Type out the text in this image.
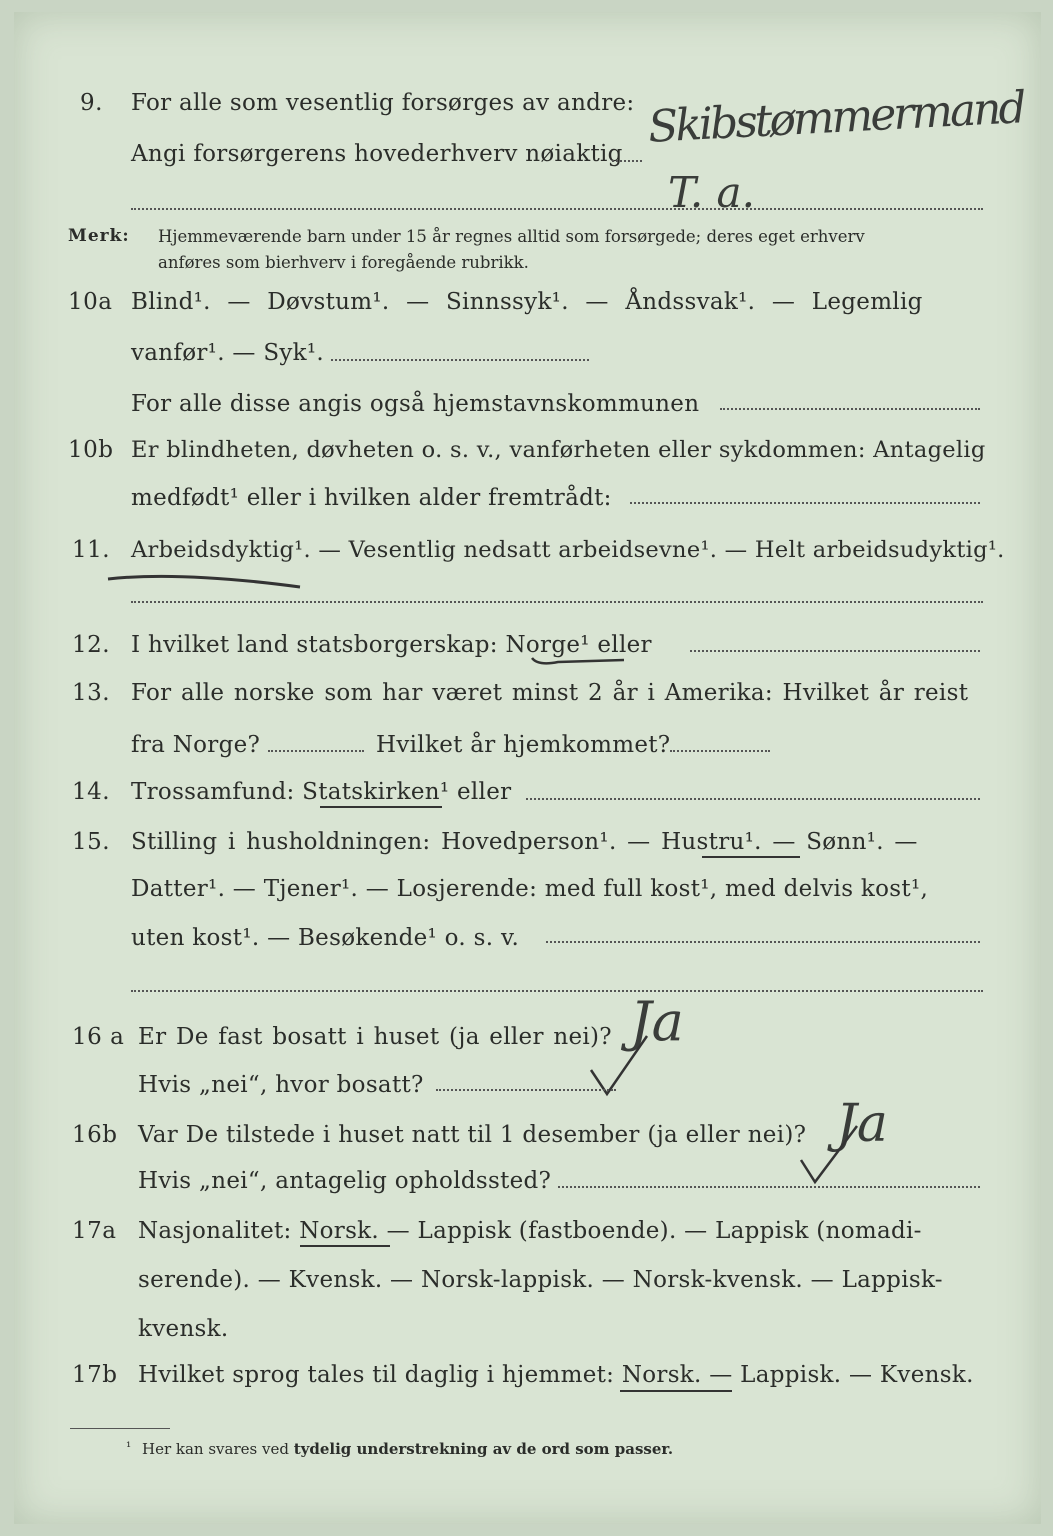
9. For alle som vesentlig forsørges av andre:
Angi forsørgerens hovederhverv nøiaktig
Skibstømmermand
T. a.
Merk: Hjemmeværende barn under 15 år regnes alltid som forsørgede; deres eget erhverv
anføres som bierhverv i foregående rubrikk.
10a Blind¹. — Døvstum¹. — Sinnssyk¹. — Åndssvak¹. — Legemlig
vanfør¹. — Syk¹.
For alle disse angis også hjemstavnskommunen
10b Er blindheten, døvheten o. s. v., vanførheten eller sykdommen: Antagelig
medfødt¹ eller i hvilken alder fremtrådt:
11. Arbeidsdyktig¹. — Vesentlig nedsatt arbeidsevne¹. — Helt arbeidsudyktig¹.
12. I hvilket land statsborgerskap: Norge¹ eller
13. For alle norske som har været minst 2 år i Amerika: Hvilket år reist
fra Norge?	Hvilket år hjemkommet?
14. Trossamfund: Statskirken¹ eller
15. Stilling i husholdningen: Hovedperson¹. — Hustru¹. — Sønn¹. —
Datter¹. — Tjener¹. — Losjerende: med full kost¹, med delvis kost¹,
uten kost¹. — Besøkende¹ o. s. v.
16 a Er De fast bosatt i huset (ja eller nei)? Ja
Hvis „nei“, hvor bosatt?
16b Var De tilstede i huset natt til 1 desember (ja eller nei)? Ja
Hvis „nei“, antagelig opholdssted?
17a Nasjonalitet: Norsk. — Lappisk (fastboende). — Lappisk (nomadi-
serende). — Kvensk. — Norsk-lappisk. — Norsk-kvensk. — Lappisk-
kvensk.
17b Hvilket sprog tales til daglig i hjemmet: Norsk. — Lappisk. — Kvensk.
¹ Her kan svares ved tydelig understrekning av de ord som passer.
